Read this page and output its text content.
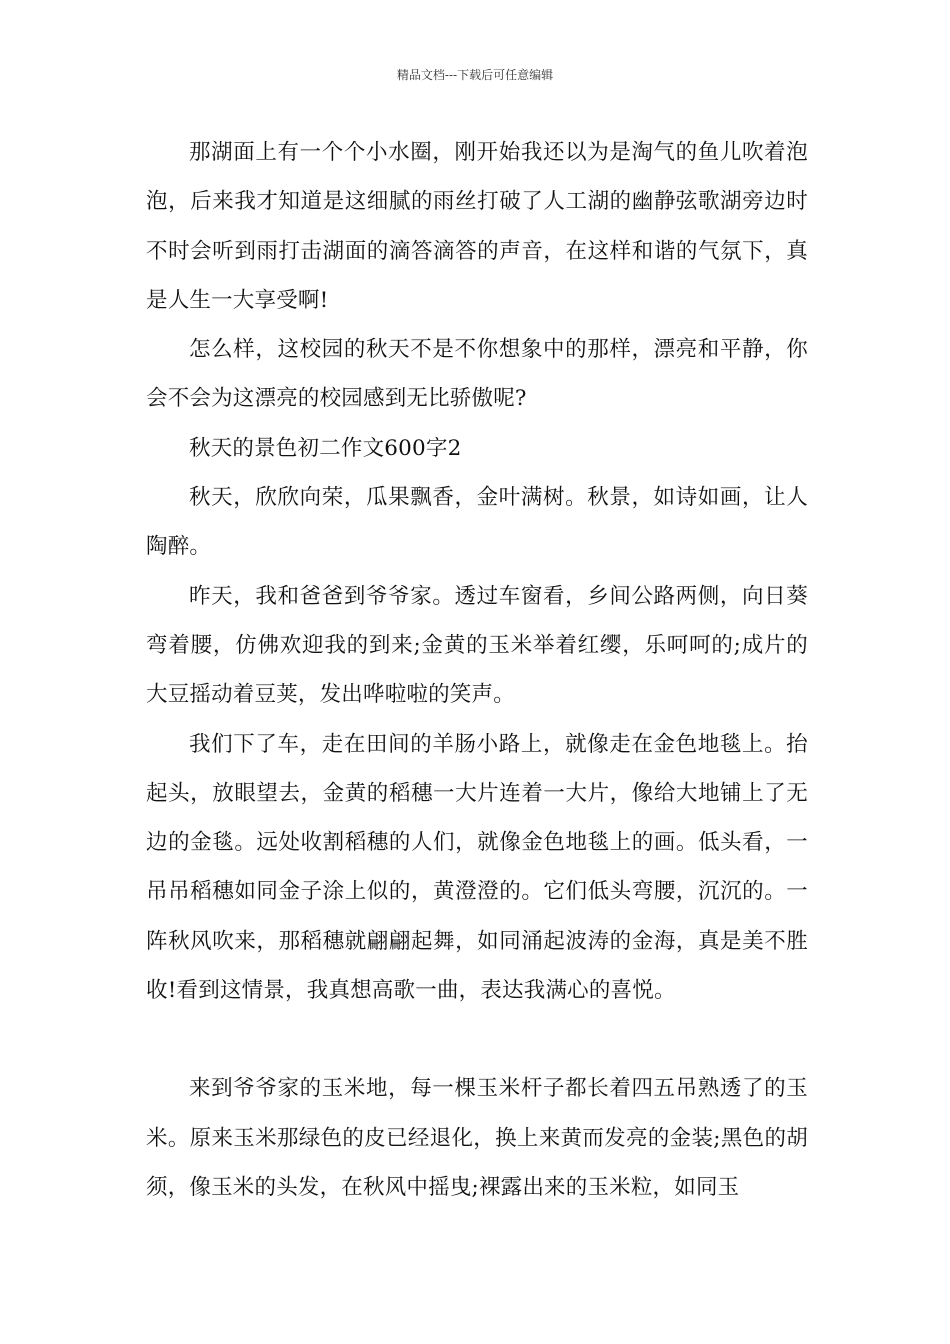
精品文档---下载后可任意编辑

那湖面上有一个个小水圈，刚开始我还以为是淘气的鱼儿吹着泡泡，后来我才知道是这细腻的雨丝打破了人工湖的幽静弦歌湖旁边时不时会听到雨打击湖面的滴答滴答的声音，在这样和谐的气氛下，真是人生一大享受啊!

怎么样，这校园的秋天不是不你想象中的那样，漂亮和平静，你会不会为这漂亮的校园感到无比骄傲呢?

秋天的景色初二作文600字2

秋天，欣欣向荣，瓜果飘香，金叶满树。秋景，如诗如画，让人陶醉。

昨天，我和爸爸到爷爷家。透过车窗看，乡间公路两侧，向日葵弯着腰，仿佛欢迎我的到来;金黄的玉米举着红缨，乐呵呵的;成片的大豆摇动着豆荚，发出哗啦啦的笑声。

我们下了车，走在田间的羊肠小路上，就像走在金色地毯上。抬起头，放眼望去，金黄的稻穗一大片连着一大片，像给大地铺上了无边的金毯。远处收割稻穗的人们，就像金色地毯上的画。低头看，一吊吊稻穗如同金子涂上似的，黄澄澄的。它们低头弯腰，沉沉的。一阵秋风吹来，那稻穗就翩翩起舞，如同涌起波涛的金海，真是美不胜收!看到这情景，我真想高歌一曲，表达我满心的喜悦。

来到爷爷家的玉米地，每一棵玉米杆子都长着四五吊熟透了的玉米。原来玉米那绿色的皮已经退化，换上来黄而发亮的金装;黑色的胡须，像玉米的头发，在秋风中摇曳;裸露出来的玉米粒，如同玉
